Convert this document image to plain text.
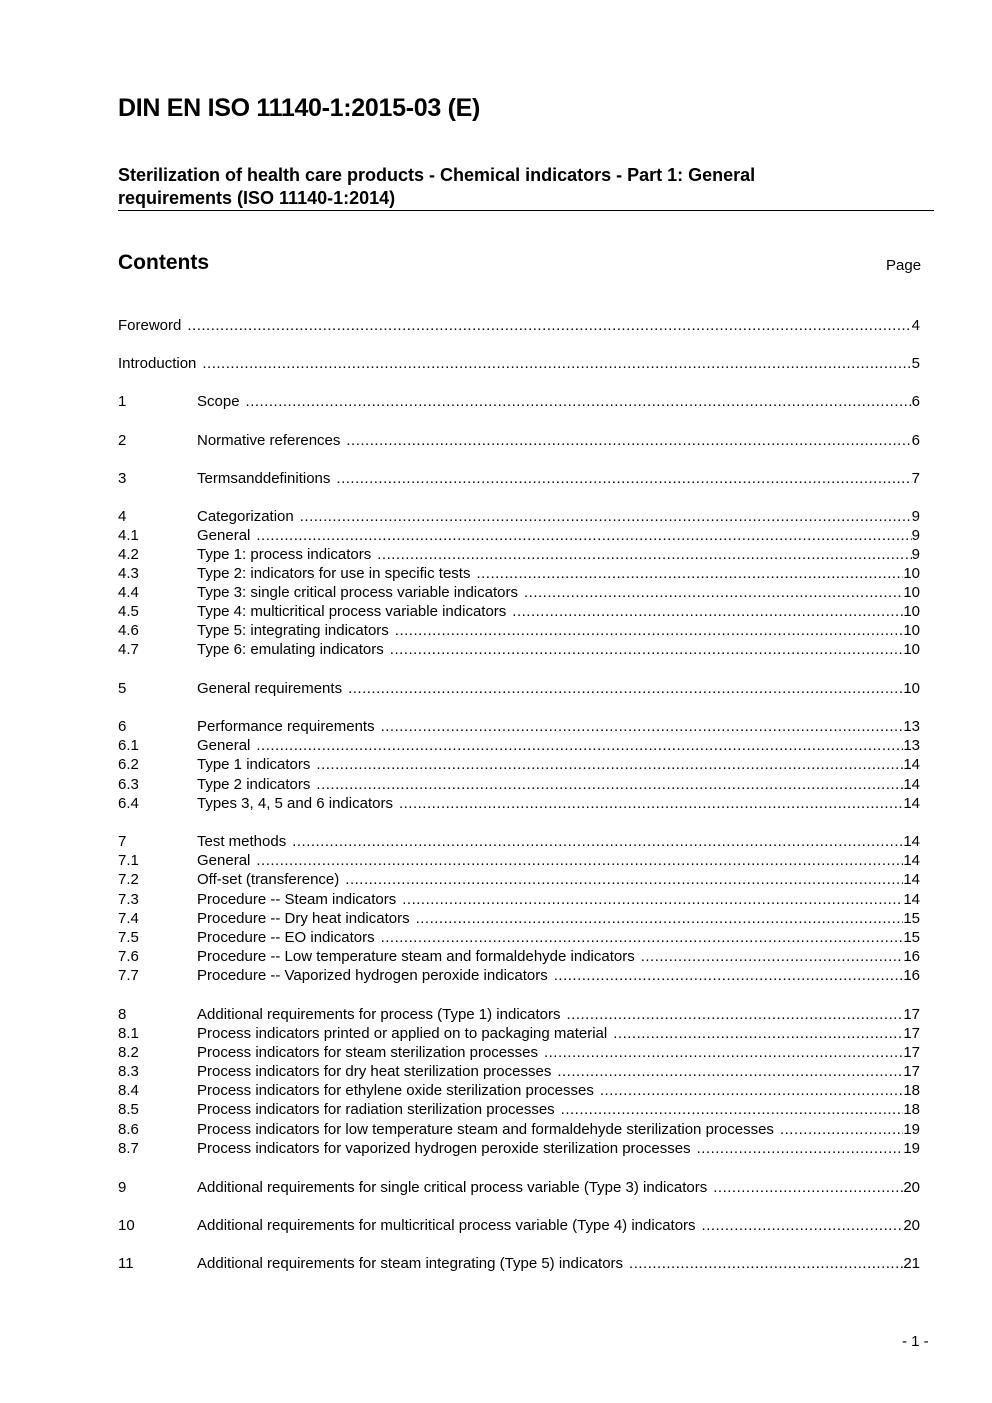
DIN EN ISO 11140-1:2015-03 (E)
Sterilization of health care products - Chemical indicators - Part 1: General requirements (ISO 11140-1:2014)
Contents	Page
Foreword .....	4
Introduction .....	5
1	Scope .....	6
2	Normative references .....	6
3	Termsanddefinitions .....	7
4	Categorization .....	9
4.1	General .....	9
4.2	Type 1: process indicators .....	9
4.3	Type 2: indicators for use in specific tests .....	10
4.4	Type 3: single critical process variable indicators .....	10
4.5	Type 4: multicritical process variable indicators .....	10
4.6	Type 5: integrating indicators .....	10
4.7	Type 6: emulating indicators .....	10
5	General requirements .....	10
6	Performance requirements .....	13
6.1	General .....	13
6.2	Type 1 indicators .....	14
6.3	Type 2 indicators .....	14
6.4	Types 3, 4, 5 and 6 indicators .....	14
7	Test methods .....	14
7.1	General .....	14
7.2	Off-set (transference) .....	14
7.3	Procedure -- Steam indicators .....	14
7.4	Procedure -- Dry heat indicators .....	15
7.5	Procedure -- EO indicators .....	15
7.6	Procedure -- Low temperature steam and formaldehyde indicators .....	16
7.7	Procedure -- Vaporized hydrogen peroxide indicators .....	16
8	Additional requirements for process (Type 1) indicators .....	17
8.1	Process indicators printed or applied on to packaging material .....	17
8.2	Process indicators for steam sterilization processes .....	17
8.3	Process indicators for dry heat sterilization processes .....	17
8.4	Process indicators for ethylene oxide sterilization processes .....	18
8.5	Process indicators for radiation sterilization processes .....	18
8.6	Process indicators for low temperature steam and formaldehyde sterilization processes .....	19
8.7	Process indicators for vaporized hydrogen peroxide sterilization processes .....	19
9	Additional requirements for single critical process variable (Type 3) indicators .....	20
10	Additional requirements for multicritical process variable (Type 4) indicators .....	20
11	Additional requirements for steam integrating (Type 5) indicators .....	21
- 1 -
